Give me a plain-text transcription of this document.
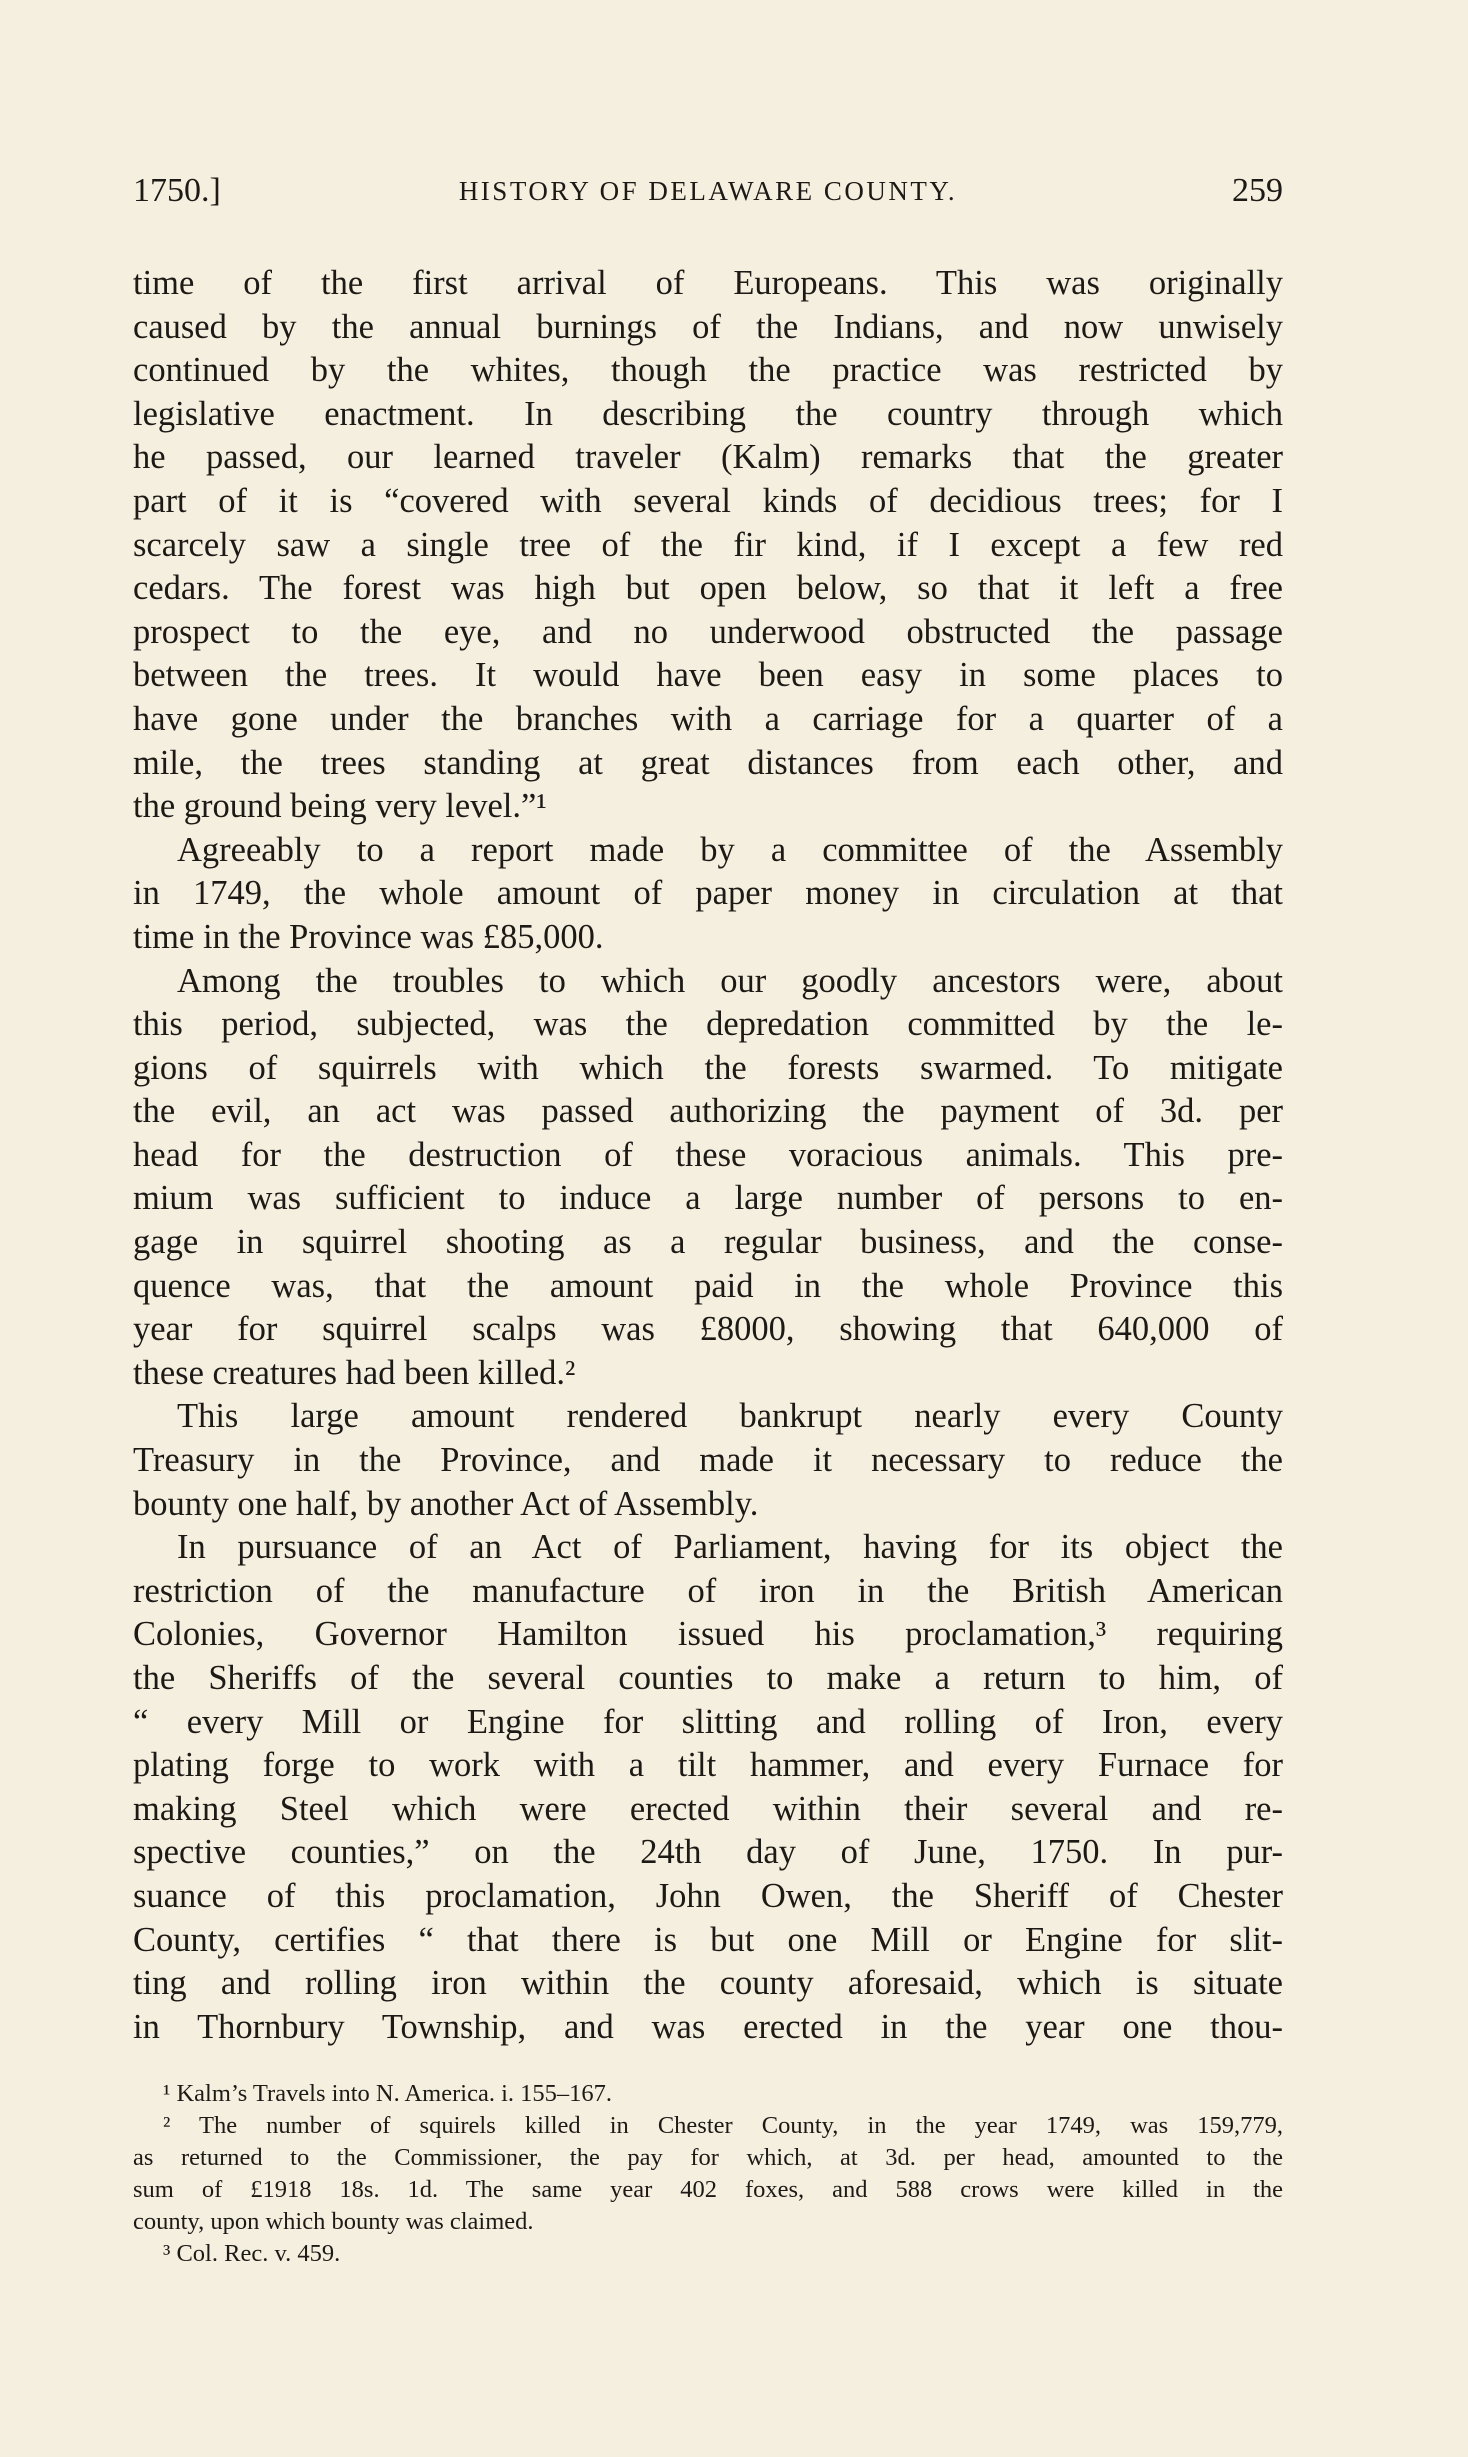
1750.]	HISTORY OF DELAWARE COUNTY.	259
time of the first arrival of Europeans. This was originally
caused by the annual burnings of the Indians, and now unwisely
continued by the whites, though the practice was restricted by
legislative enactment. In describing the country through which
he passed, our learned traveler (Kalm) remarks that the greater
part of it is “covered with several kinds of decidious trees; for I
scarcely saw a single tree of the fir kind, if I except a few red
cedars. The forest was high but open below, so that it left a free
prospect to the eye, and no underwood obstructed the passage
between the trees. It would have been easy in some places to
have gone under the branches with a carriage for a quarter of a
mile, the trees standing at great distances from each other, and
the ground being very level.”¹
Agreeably to a report made by a committee of the Assembly
in 1749, the whole amount of paper money in circulation at that
time in the Province was £85,000.
Among the troubles to which our goodly ancestors were, about
this period, subjected, was the depredation committed by the le-
gions of squirrels with which the forests swarmed. To mitigate
the evil, an act was passed authorizing the payment of 3d. per
head for the destruction of these voracious animals. This pre-
mium was sufficient to induce a large number of persons to en-
gage in squirrel shooting as a regular business, and the conse-
quence was, that the amount paid in the whole Province this
year for squirrel scalps was £8000, showing that 640,000 of
these creatures had been killed.²
This large amount rendered bankrupt nearly every County
Treasury in the Province, and made it necessary to reduce the
bounty one half, by another Act of Assembly.
In pursuance of an Act of Parliament, having for its object the
restriction of the manufacture of iron in the British American
Colonies, Governor Hamilton issued his proclamation,³ requiring
the Sheriffs of the several counties to make a return to him, of
“ every Mill or Engine for slitting and rolling of Iron, every
plating forge to work with a tilt hammer, and every Furnace for
making Steel which were erected within their several and re-
spective counties,” on the 24th day of June, 1750. In pur-
suance of this proclamation, John Owen, the Sheriff of Chester
County, certifies “ that there is but one Mill or Engine for slit-
ting and rolling iron within the county aforesaid, which is situate
in Thornbury Township, and was erected in the year one thou-
¹ Kalm’s Travels into N. America. i. 155–167.
² The number of squirels killed in Chester County, in the year 1749, was 159,779,
as returned to the Commissioner, the pay for which, at 3d. per head, amounted to the
sum of £1918 18s. 1d. The same year 402 foxes, and 588 crows were killed in the
county, upon which bounty was claimed.
³ Col. Rec. v. 459.
